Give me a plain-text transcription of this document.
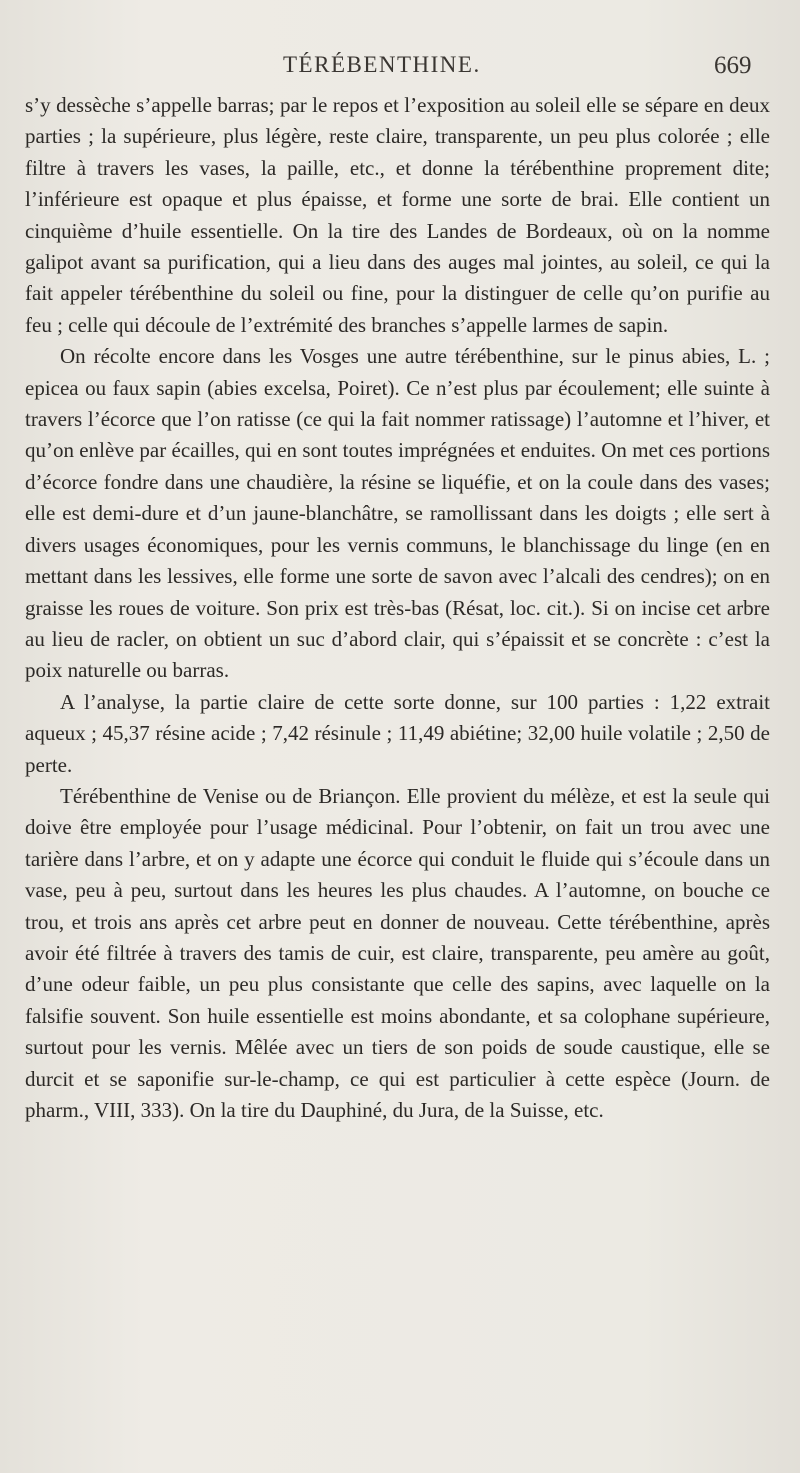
TÉRÉBENTHINE.	669

s’y dessèche s’appelle barras; par le repos et l’exposition au soleil elle se sépare en deux parties ; la supérieure, plus légère, reste claire, transparente, un peu plus colorée ; elle filtre à travers les vases, la paille, etc., et donne la térébenthine proprement dite; l’inférieure est opaque et plus épaisse, et forme une sorte de brai. Elle contient un cinquième d’huile essentielle. On la tire des Landes de Bordeaux, où on la nomme galipot avant sa purification, qui a lieu dans des auges mal jointes, au soleil, ce qui la fait appeler térébenthine du soleil ou fine, pour la distinguer de celle qu’on purifie au feu ; celle qui découle de l’extrémité des branches s’appelle larmes de sapin.

On récolte encore dans les Vosges une autre térébenthine, sur le pinus abies, L. ; epicea ou faux sapin (abies excelsa, Poiret). Ce n’est plus par écoulement; elle suinte à travers l’écorce que l’on ratisse (ce qui la fait nommer ratissage) l’automne et l’hiver, et qu’on enlève par écailles, qui en sont toutes imprégnées et enduites. On met ces portions d’écorce fondre dans une chaudière, la résine se liquéfie, et on la coule dans des vases; elle est demi-dure et d’un jaune-blanchâtre, se ramollissant dans les doigts ; elle sert à divers usages économiques, pour les vernis communs, le blanchissage du linge (en en mettant dans les lessives, elle forme une sorte de savon avec l’alcali des cendres); on en graisse les roues de voiture. Son prix est très-bas (Résat, loc. cit.). Si on incise cet arbre au lieu de racler, on obtient un suc d’abord clair, qui s’épaissit et se concrète : c’est la poix naturelle ou barras.

A l’analyse, la partie claire de cette sorte donne, sur 100 parties : 1,22 extrait aqueux ; 45,37 résine acide ; 7,42 résinule ; 11,49 abiétine; 32,00 huile volatile ; 2,50 de perte.

Térébenthine de Venise ou de Briançon. Elle provient du mélèze, et est la seule qui doive être employée pour l’usage médicinal. Pour l’obtenir, on fait un trou avec une tarière dans l’arbre, et on y adapte une écorce qui conduit le fluide qui s’écoule dans un vase, peu à peu, surtout dans les heures les plus chaudes. A l’automne, on bouche ce trou, et trois ans après cet arbre peut en donner de nouveau. Cette térébenthine, après avoir été filtrée à travers des tamis de cuir, est claire, transparente, peu amère au goût, d’une odeur faible, un peu plus consistante que celle des sapins, avec laquelle on la falsifie souvent. Son huile essentielle est moins abondante, et sa colophane supérieure, surtout pour les vernis. Mêlée avec un tiers de son poids de soude caustique, elle se durcit et se saponifie sur-le-champ, ce qui est particulier à cette espèce (Journ. de pharm., VIII, 333). On la tire du Dauphiné, du Jura, de la Suisse, etc.
